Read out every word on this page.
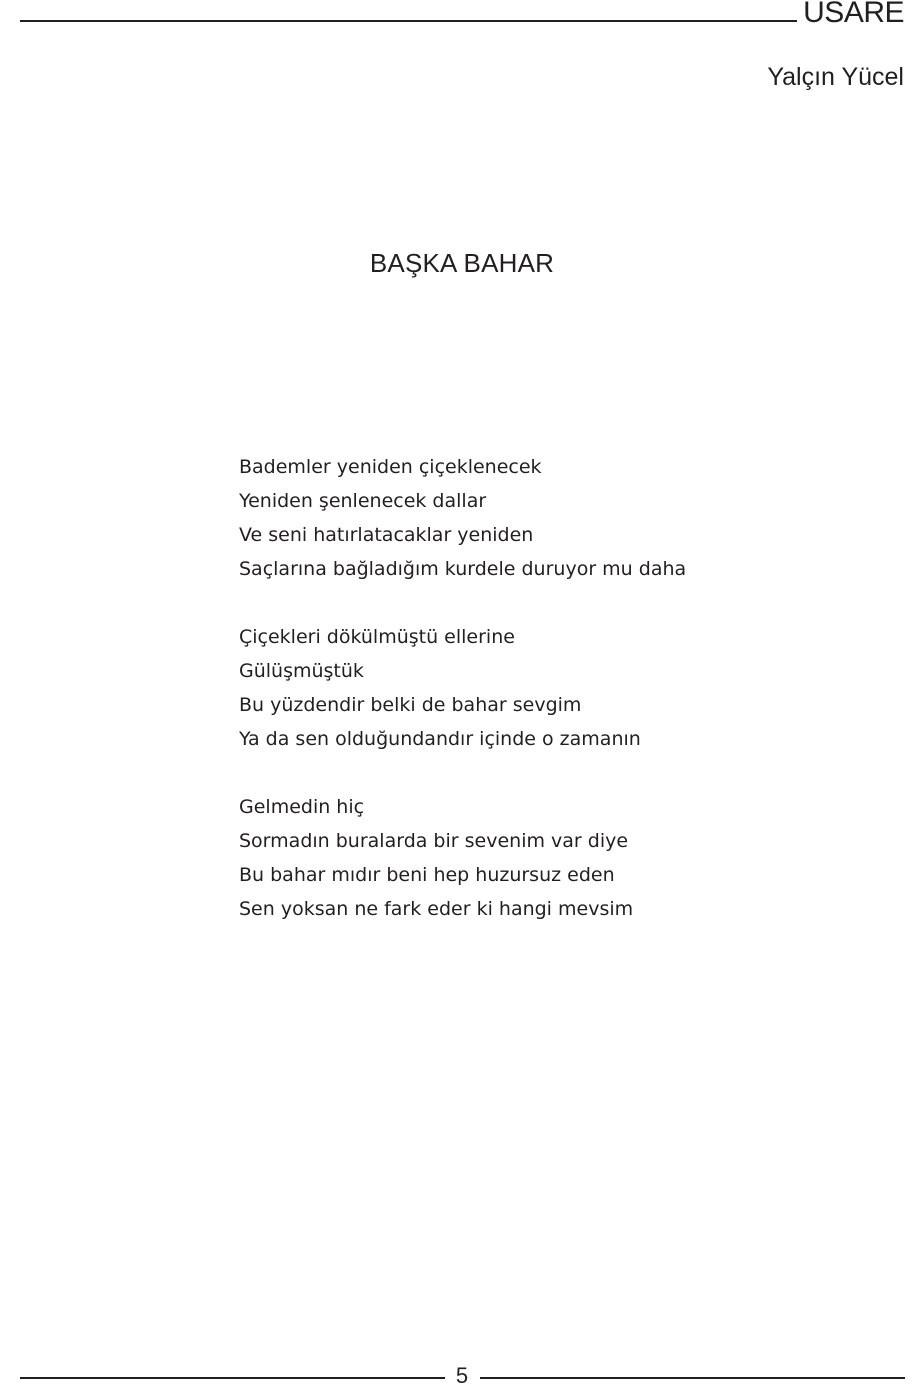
USARE
Yalçın Yücel
BAŞKA BAHAR
Bademler yeniden çiçeklenecek
Yeniden şenlenecek dallar
Ve seni hatırlatacaklar yeniden
Saçlarına bağladığım kurdele duruyor mu daha
Çiçekleri dökülmüştü ellerine
Gülüşmüştük
Bu yüzdendir belki de bahar sevgim
Ya da sen olduğundandır içinde o zamanın
Gelmedin hiç
Sormadın buralarda bir sevenim var diye
Bu bahar mıdır beni hep huzursuz eden
Sen yoksan ne fark eder ki hangi mevsim
5
